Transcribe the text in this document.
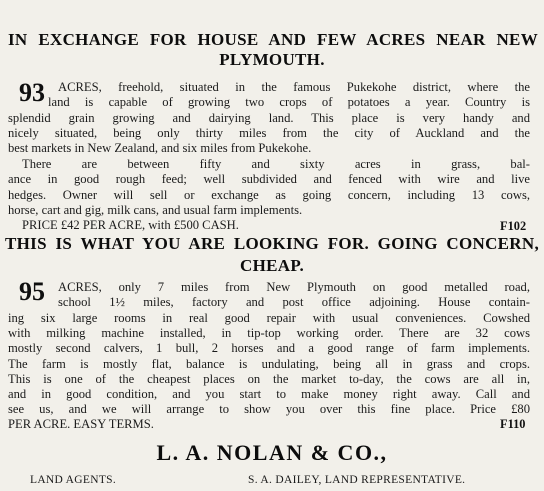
IN EXCHANGE FOR HOUSE AND FEW ACRES NEAR NEW
PLYMOUTH.
93 ACRES, freehold, situated in the famous Pukekohe district, where the
land is capable of growing two crops of potatoes a year. Country is
splendid grain growing and dairying land. This place is very handy and
nicely situated, being only thirty miles from the city of Auckland and the
best markets in New Zealand, and six miles from Pukekohe.
There are between fifty and sixty acres in grass, bal-
ance in good rough feed; well subdivided and fenced with wire and live
hedges. Owner will sell or exchange as going concern, including 13 cows,
horse, cart and gig, milk cans, and usual farm implements.
PRICE £42 PER ACRE, with £500 CASH.	F102
THIS IS WHAT YOU ARE LOOKING FOR. GOING CONCERN,
CHEAP.
95 ACRES, only 7 miles from New Plymouth on good metalled road,
school 1½ miles, factory and post office adjoining. House contain-
ing six large rooms in real good repair with usual conveniences. Cowshed
with milking machine installed, in tip-top working order. There are 32 cows
mostly second calvers, 1 bull, 2 horses and a good range of farm implements.
The farm is mostly flat, balance is undulating, being all in grass and crops.
This is one of the cheapest places on the market to-day, the cows are all in,
and in good condition, and you start to make money right away. Call and
see us, and we will arrange to show you over this fine place. Price £80
PER ACRE. EASY TERMS.	F110
L. A. NOLAN & CO.,
LAND AGENTS.	S. A. DAILEY, LAND REPRESENTATIVE.
